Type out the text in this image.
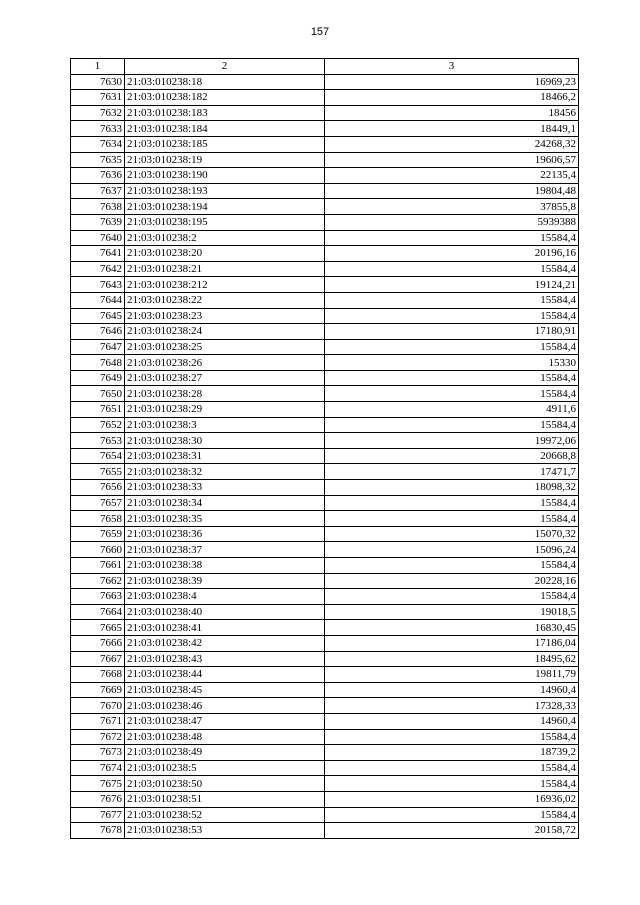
157
1	2	3
7630	21:03:010238:18	16969,23
7631	21:03:010238:182	18466,2
7632	21:03:010238:183	18456
7633	21:03:010238:184	18449,1
7634	21:03:010238:185	24268,32
7635	21:03:010238:19	19606,57
7636	21:03:010238:190	22135,4
7637	21:03:010238:193	19804,48
7638	21:03:010238:194	37855,8
7639	21:03:010238:195	5939388
7640	21:03:010238:2	15584,4
7641	21:03:010238:20	20196,16
7642	21:03:010238:21	15584,4
7643	21:03:010238:212	19124,21
7644	21:03:010238:22	15584,4
7645	21:03:010238:23	15584,4
7646	21:03:010238:24	17180,91
7647	21:03:010238:25	15584,4
7648	21:03:010238:26	15330
7649	21:03:010238:27	15584,4
7650	21:03:010238:28	15584,4
7651	21:03:010238:29	4911,6
7652	21:03:010238:3	15584,4
7653	21:03:010238:30	19972,06
7654	21:03:010238:31	20668,8
7655	21:03:010238:32	17471,7
7656	21:03:010238:33	18098,32
7657	21:03:010238:34	15584,4
7658	21:03:010238:35	15584,4
7659	21:03:010238:36	15070,32
7660	21:03:010238:37	15096,24
7661	21:03:010238:38	15584,4
7662	21:03:010238:39	20228,16
7663	21:03:010238:4	15584,4
7664	21:03:010238:40	19018,5
7665	21:03:010238:41	16830,45
7666	21:03:010238:42	17186,04
7667	21:03:010238:43	18495,62
7668	21:03:010238:44	19811,79
7669	21:03:010238:45	14960,4
7670	21:03:010238:46	17328,33
7671	21:03:010238:47	14960,4
7672	21:03:010238:48	15584,4
7673	21:03:010238:49	18739,2
7674	21:03:010238:5	15584,4
7675	21:03:010238:50	15584,4
7676	21:03:010238:51	16936,02
7677	21:03:010238:52	15584,4
7678	21:03:010238:53	20158,72
